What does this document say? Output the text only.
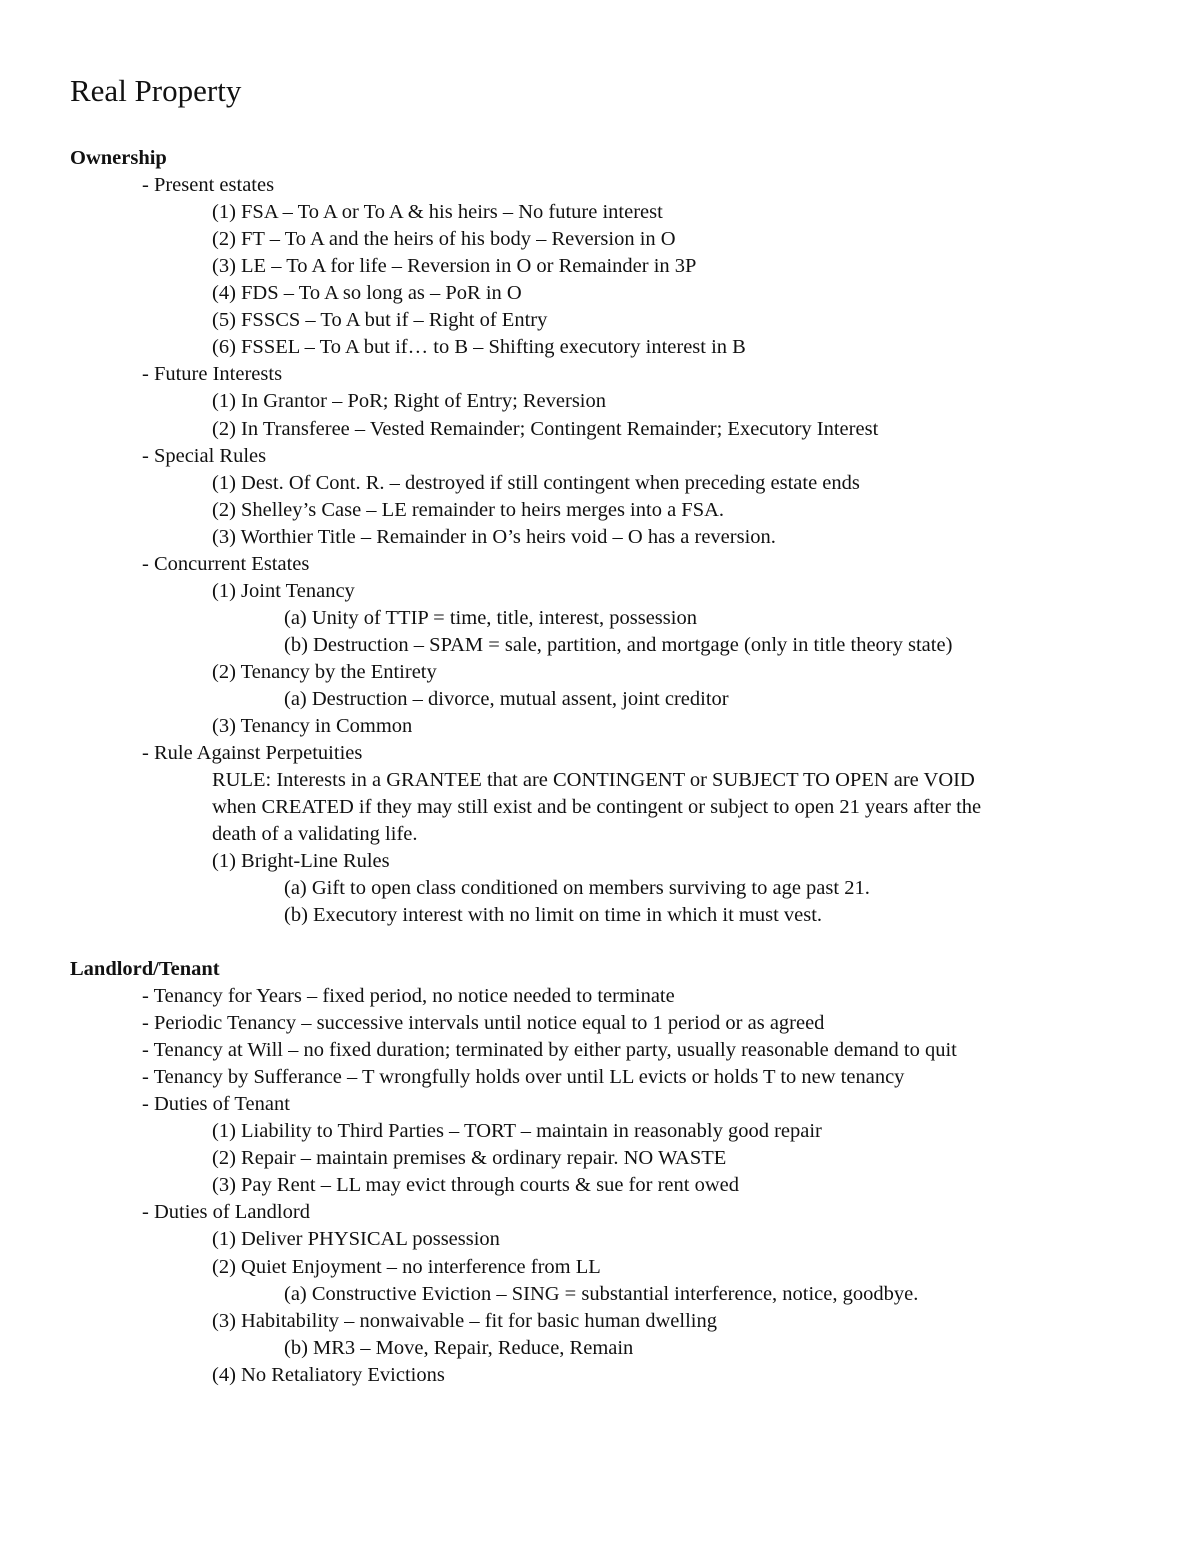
Real Property
Ownership
- Present estates
(1) FSA – To A or To A & his heirs – No future interest
(2) FT – To A and the heirs of his body – Reversion in O
(3) LE – To A for life – Reversion in O or Remainder in 3P
(4) FDS – To A so long as – PoR in O
(5) FSSCS – To A but if – Right of Entry
(6) FSSEL – To A but if… to B – Shifting executory interest in B
- Future Interests
(1) In Grantor – PoR; Right of Entry; Reversion
(2) In Transferee – Vested Remainder; Contingent Remainder; Executory Interest
- Special Rules
(1) Dest. Of Cont. R. – destroyed if still contingent when preceding estate ends
(2) Shelley’s Case – LE remainder to heirs merges into a FSA.
(3) Worthier Title – Remainder in O’s heirs void – O has a reversion.
- Concurrent Estates
(1) Joint Tenancy
(a) Unity of TTIP = time, title, interest, possession
(b) Destruction – SPAM = sale, partition, and mortgage (only in title theory state)
(2) Tenancy by the Entirety
(a) Destruction – divorce, mutual assent, joint creditor
(3) Tenancy in Common
- Rule Against Perpetuities
RULE: Interests in a GRANTEE that are CONTINGENT or SUBJECT TO OPEN are VOID
when CREATED if they may still exist and be contingent or subject to open 21 years after the
death of a validating life.
(1) Bright-Line Rules
(a) Gift to open class conditioned on members surviving to age past 21.
(b) Executory interest with no limit on time in which it must vest.
Landlord/Tenant
- Tenancy for Years – fixed period, no notice needed to terminate
- Periodic Tenancy – successive intervals until notice equal to 1 period or as agreed
- Tenancy at Will – no fixed duration; terminated by either party, usually reasonable demand to quit
- Tenancy by Sufferance – T wrongfully holds over until LL evicts or holds T to new tenancy
- Duties of Tenant
(1) Liability to Third Parties – TORT – maintain in reasonably good repair
(2) Repair – maintain premises & ordinary repair. NO WASTE
(3) Pay Rent – LL may evict through courts & sue for rent owed
- Duties of Landlord
(1) Deliver PHYSICAL possession
(2) Quiet Enjoyment – no interference from LL
(a) Constructive Eviction – SING = substantial interference, notice, goodbye.
(3) Habitability – nonwaivable – fit for basic human dwelling
(b) MR3 – Move, Repair, Reduce, Remain
(4) No Retaliatory Evictions
